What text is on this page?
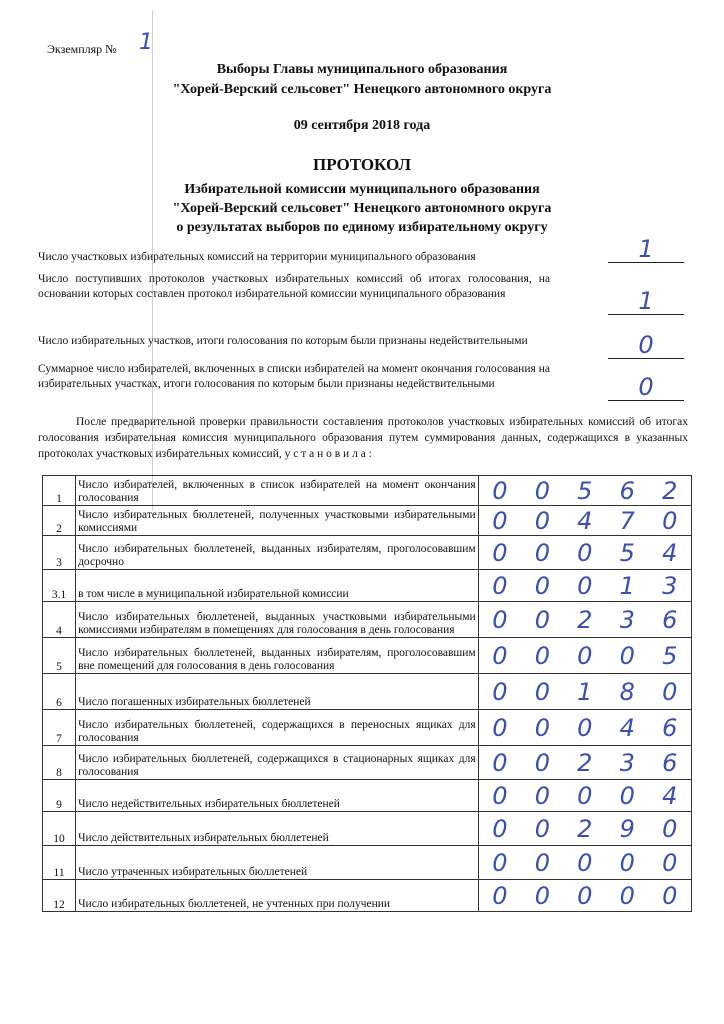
Экземпляр № 1
Выборы Главы муниципального образования
"Хорей-Верский сельсовет" Ненецкого автономного округа
09 сентября 2018 года
ПРОТОКОЛ
Избирательной комиссии муниципального образования
"Хорей-Верский сельсовет" Ненецкого автономного округа
о результатах выборов по единому избирательному округу
Число участковых избирательных комиссий на территории муниципального образования	1
Число поступивших протоколов участковых избирательных комиссий об итогах голосования, на основании которых составлен протокол избирательной комиссии муниципального образования	1
Число избирательных участков, итоги голосования по которым были признаны недействительными	0
Суммарное число избирателей, включенных в списки избирателей на момент окончания голосования на избирательных участках, итоги голосования по которым были признаны недействительными	0
После предварительной проверки правильности составления протоколов участковых избирательных комиссий об итогах голосования избирательная комиссия муниципального образования путем суммирования данных, содержащихся в указанных протоколах участковых избирательных комиссий, у с т а н о в и л а :
1	Число избирателей, включенных в список избирателей на момент окончания голосования	0	0	5	6	2
2	Число избирательных бюллетеней, полученных участковыми избирательными комиссиями	0	0	4	7	0
3	Число избирательных бюллетеней, выданных избирателям, проголосовавшим досрочно	0	0	0	5	4
3.1	в том числе в муниципальной избирательной комиссии	0	0	0	1	3
4	Число избирательных бюллетеней, выданных участковыми избирательными комиссиями избирателям в помещениях для голосования в день голосования	0	0	2	3	6
5	Число избирательных бюллетеней, выданных избирателям, проголосовавшим вне помещений для голосования в день голосования	0	0	0	0	5
6	Число погашенных избирательных бюллетеней	0	0	1	8	0
7	Число избирательных бюллетеней, содержащихся в переносных ящиках для голосования	0	0	0	4	6
8	Число избирательных бюллетеней, содержащихся в стационарных ящиках для голосования	0	0	2	3	6
9	Число недействительных избирательных бюллетеней	0	0	0	0	4
10	Число действительных избирательных бюллетеней	0	0	2	9	0
11	Число утраченных избирательных бюллетеней	0	0	0	0	0
12	Число избирательных бюллетеней, не учтенных при получении	0	0	0	0	0
